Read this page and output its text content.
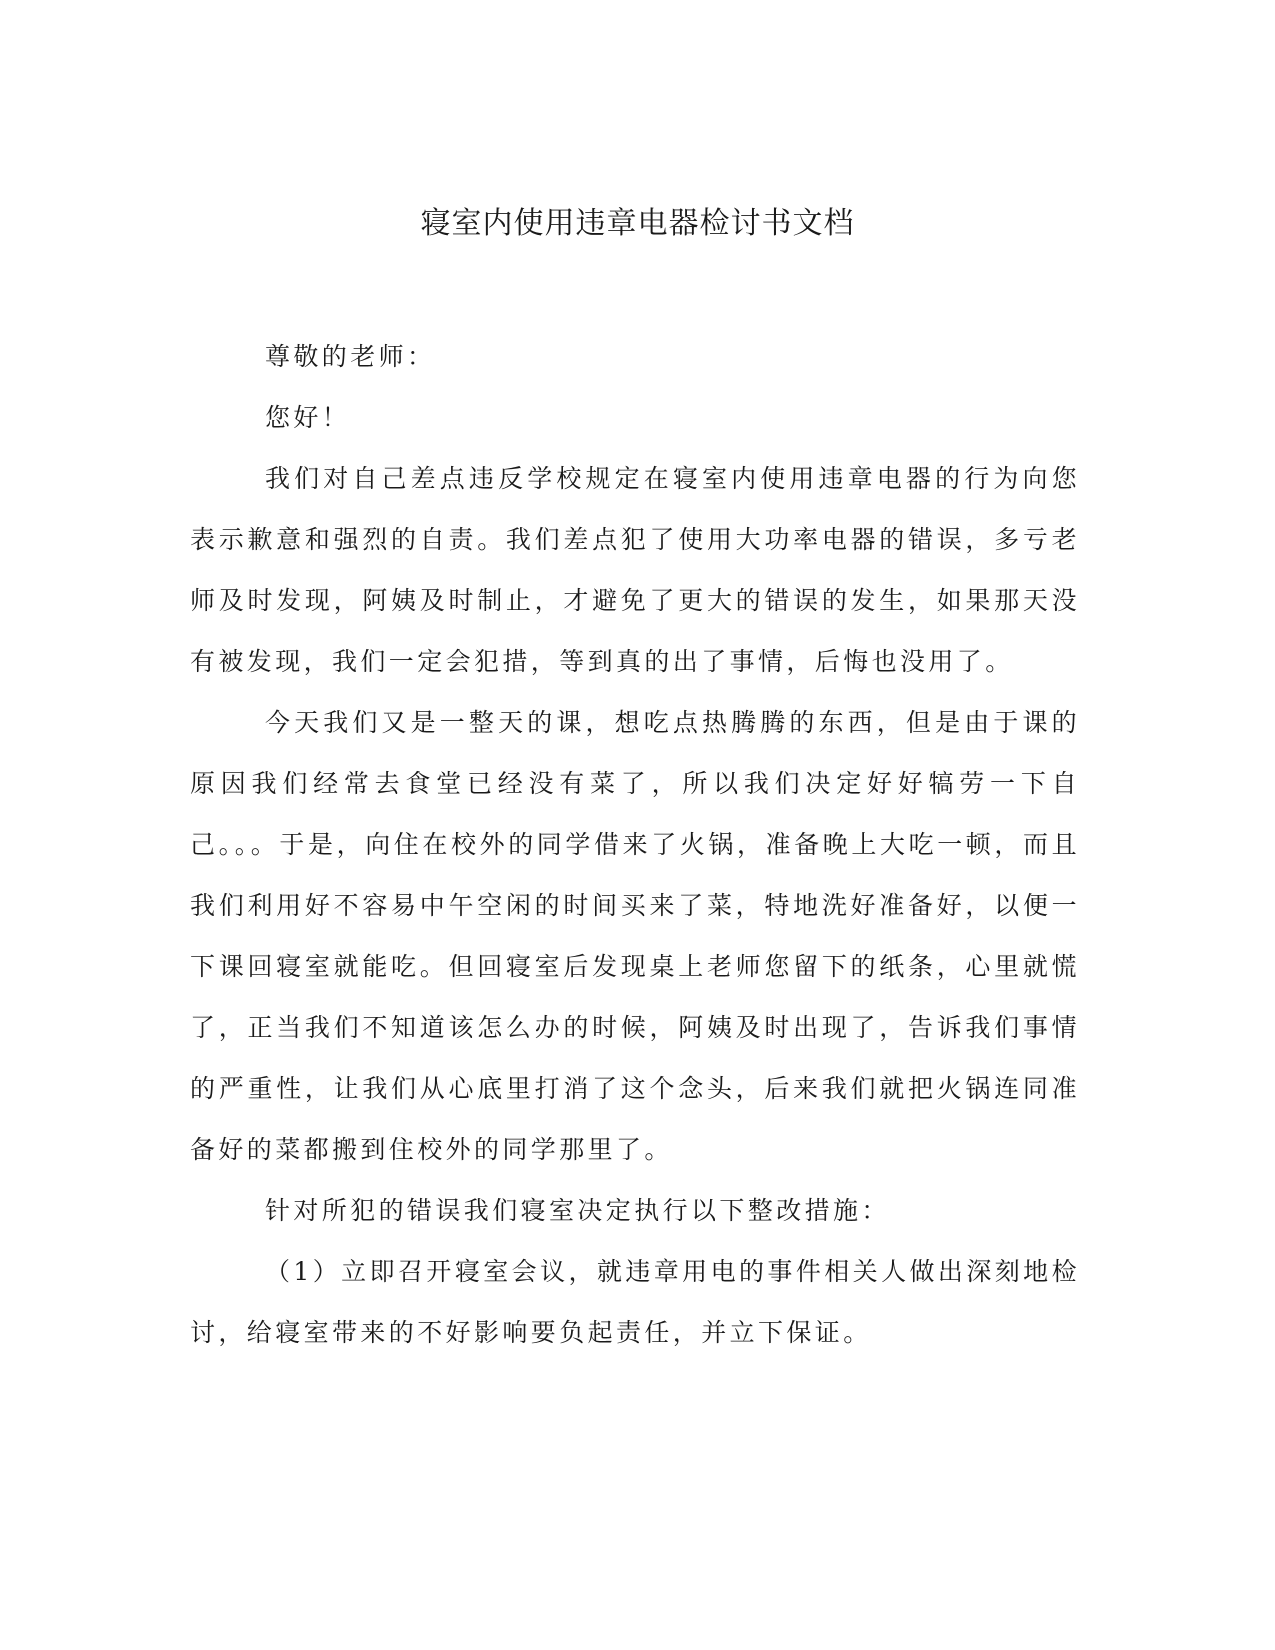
寝室内使用违章电器检讨书文档

尊敬的老师：

您好！

我们对自己差点违反学校规定在寝室内使用违章电器的行为向您表示歉意和强烈的自责。我们差点犯了使用大功率电器的错误，多亏老师及时发现，阿姨及时制止，才避免了更大的错误的发生，如果那天没有被发现，我们一定会犯措，等到真的出了事情，后悔也没用了。

今天我们又是一整天的课，想吃点热腾腾的东西，但是由于课的原因我们经常去食堂已经没有菜了，所以我们决定好好犒劳一下自己。。。于是，向住在校外的同学借来了火锅，准备晚上大吃一顿，而且我们利用好不容易中午空闲的时间买来了菜，特地洗好准备好，以便一下课回寝室就能吃。但回寝室后发现桌上老师您留下的纸条，心里就慌了，正当我们不知道该怎么办的时候，阿姨及时出现了，告诉我们事情的严重性，让我们从心底里打消了这个念头，后来我们就把火锅连同准备好的菜都搬到住校外的同学那里了。

针对所犯的错误我们寝室决定执行以下整改措施：

（1）立即召开寝室会议，就违章用电的事件相关人做出深刻地检讨，给寝室带来的不好影响要负起责任，并立下保证。
